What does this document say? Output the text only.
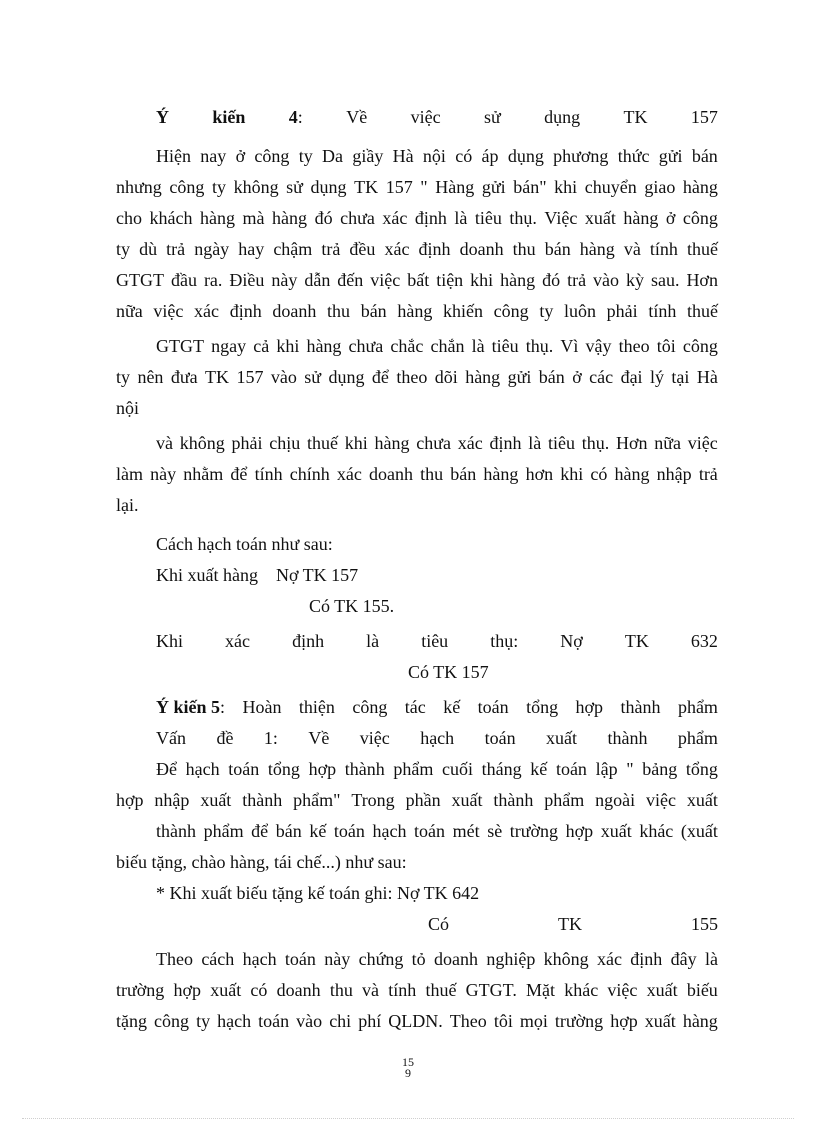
Ý kiến 4: Về việc sử dụng TK 157
Hiện nay ở công ty Da giầy Hà nội có áp dụng phương thức gửi bán
nhưng công ty không sử dụng TK 157 " Hàng gửi bán" khi chuyển giao hàng
cho khách hàng mà hàng đó chưa xác định là tiêu thụ. Việc xuất hàng ở công
ty dù trả ngày hay chậm trả đều xác định doanh thu bán hàng và tính thuế
GTGT đầu ra. Điều này dẫn đến việc bất tiện khi hàng đó trả vào kỳ sau. Hơn
nữa việc xác định doanh thu bán hàng khiến công ty luôn phải tính thuế
GTGT ngay cả khi hàng chưa chắc chắn là tiêu thụ. Vì vậy theo tôi công
ty nên đưa TK 157 vào sử dụng để theo dõi hàng gửi bán ở các đại lý tại Hà
nội
và không phải chịu thuế khi hàng chưa xác định là tiêu thụ. Hơn nữa việc
làm này nhằm để tính chính xác doanh thu bán hàng hơn khi có hàng nhập trả
lại.
Cách hạch toán như sau:
Khi xuất hàng    Nợ TK 157
Có TK 155.
Khi xác định là tiêu thụ: Nợ TK 632
Có TK 157
Ý kiến 5: Hoàn thiện công tác kế toán tổng hợp thành phẩm
Vấn đề 1: Về việc hạch toán xuất thành phẩm
Để hạch toán tổng hợp thành phẩm cuối tháng kế toán lập " bảng tổng
hợp nhập xuất thành phẩm" Trong phần xuất thành phẩm ngoài việc xuất
thành phẩm để bán kế toán hạch toán mét sè trường hợp xuất khác (xuất
biếu tặng, chào hàng, tái chế...) như sau:
* Khi xuất biếu tặng kế toán ghi: Nợ TK 642
Có	TK	155
Theo cách hạch toán này chứng tỏ doanh nghiệp không xác định đây là
trường hợp xuất có doanh thu và tính thuế GTGT. Mặt khác việc xuất biếu
tặng công ty hạch toán vào chi phí QLDN. Theo tôi mọi trường hợp xuất hàng
15
9
